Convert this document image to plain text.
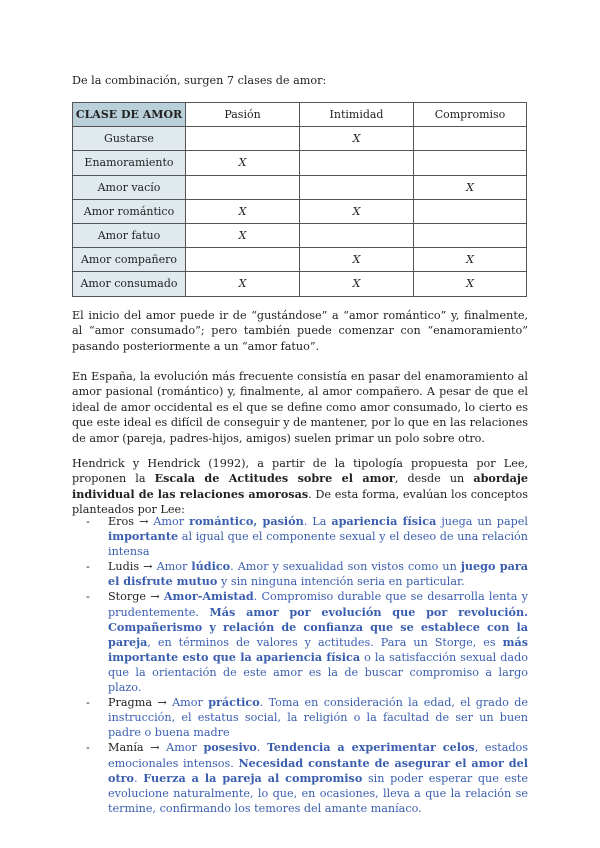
De la combinación, surgen 7 clases de amor:
CLASE DE AMOR	Pasión	Intimidad	Compromiso
Gustarse		X	
Enamoramiento	X		
Amor vacío			X
Amor romántico	X	X	
Amor fatuo	X		
Amor compañero		X	X
Amor consumado	X	X	X
El inicio del amor puede ir de “gustándose” a “amor romántico” y, finalmente, al “amor consumado”; pero también puede comenzar con “enamoramiento” pasando posteriormente a un “amor fatuo”.
En España, la evolución más frecuente consistía en pasar del enamoramiento al amor pasional (romántico) y, finalmente, al amor compañero. A pesar de que el ideal de amor occidental es el que se define como amor consumado, lo cierto es que este ideal es difícil de conseguir y de mantener, por lo que en las relaciones de amor (pareja, padres-hijos, amigos) suelen primar un polo sobre otro.
Hendrick y Hendrick (1992), a partir de la tipología propuesta por Lee, proponen la Escala de Actitudes sobre el amor, desde un abordaje individual de las relaciones amorosas. De esta forma, evalúan los conceptos planteados por Lee:
- Eros → Amor romántico, pasión. La apariencia física juega un papel importante al igual que el componente sexual y el deseo de una relación intensa
- Ludis → Amor lúdico. Amor y sexualidad son vistos como un juego para el disfrute mutuo y sin ninguna intención seria en particular.
- Storge → Amor-Amistad. Compromiso durable que se desarrolla lenta y prudentemente. Más amor por evolución que por revolución. Compañerismo y relación de confianza que se establece con la pareja, en términos de valores y actitudes. Para un Storge, es más importante esto que la apariencia física o la satisfacción sexual dado que la orientación de este amor es la de buscar compromiso a largo plazo.
- Pragma → Amor práctico. Toma en consideración la edad, el grado de instrucción, el estatus social, la religión o la facultad de ser un buen padre o buena madre
- Manía → Amor posesivo. Tendencia a experimentar celos, estados emocionales intensos. Necesidad constante de asegurar el amor del otro. Fuerza a la pareja al compromiso sin poder esperar que este evolucione naturalmente, lo que, en ocasiones, lleva a que la relación se termine, confirmando los temores del amante maníaco.
